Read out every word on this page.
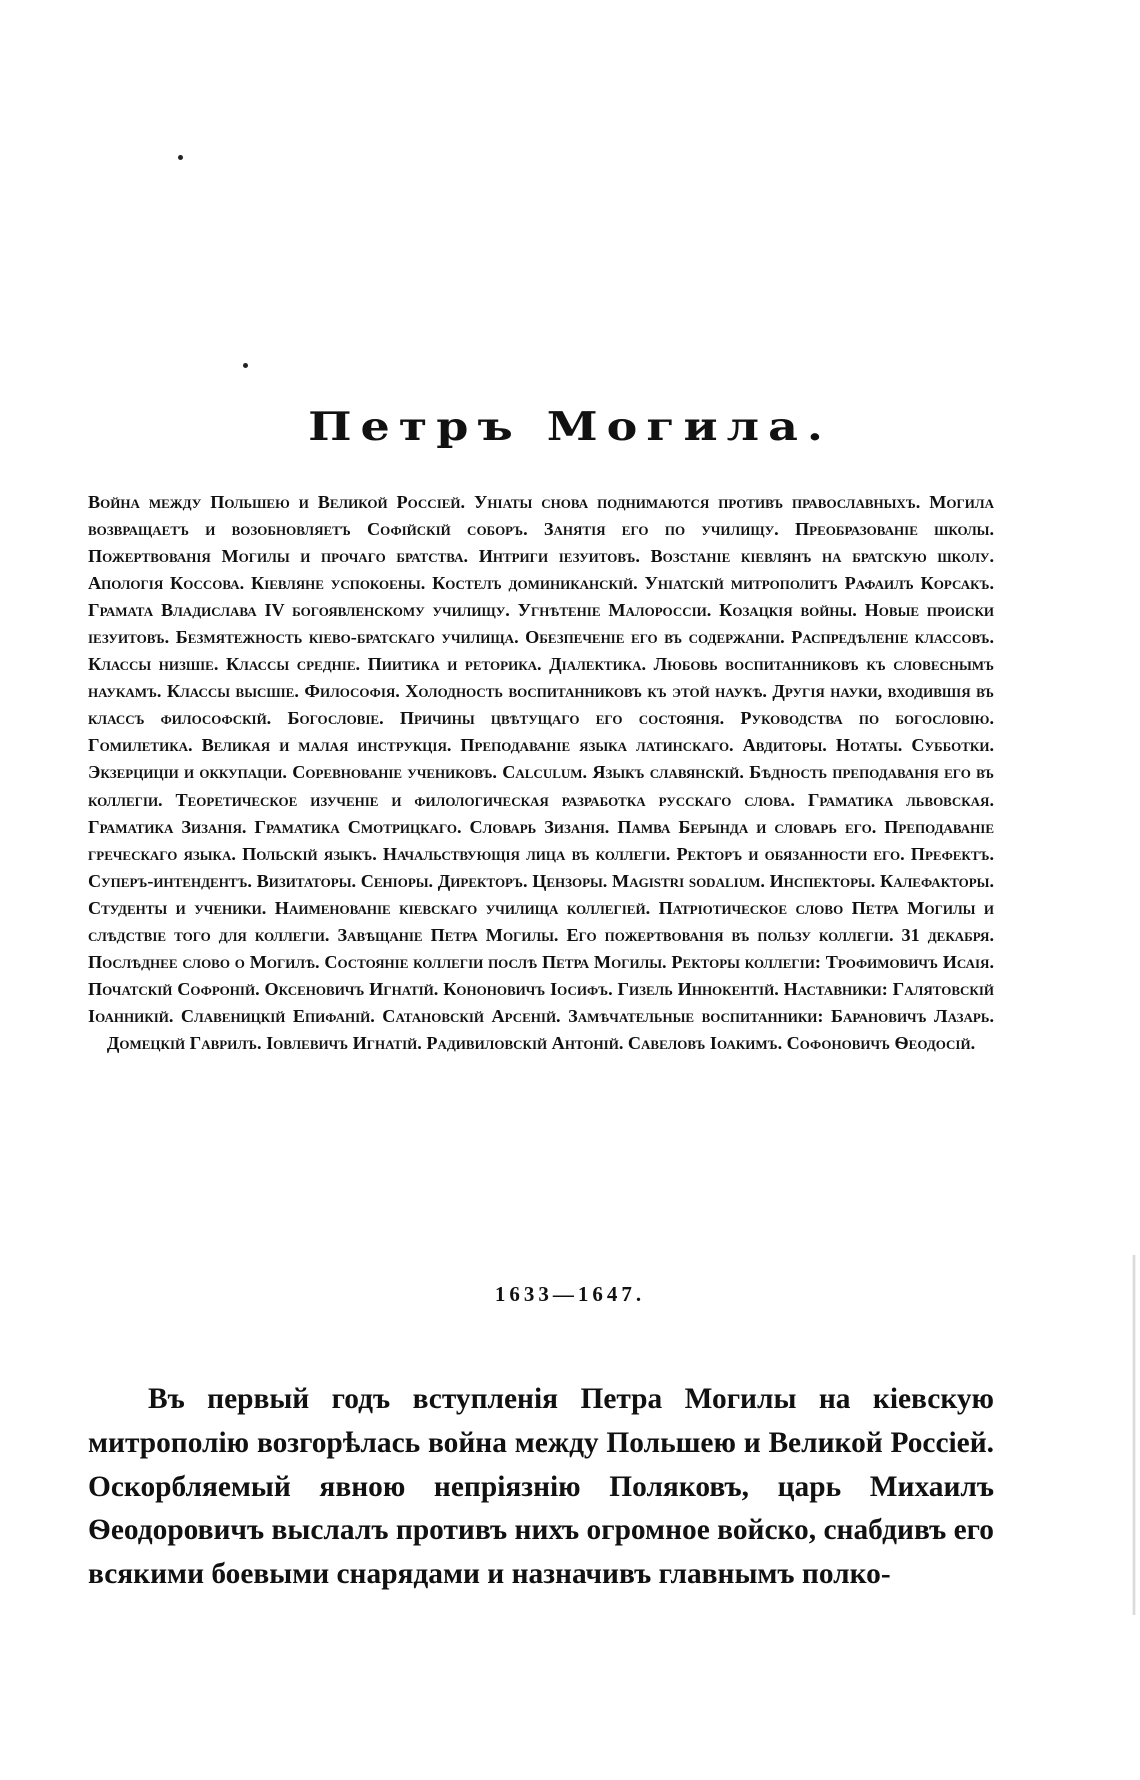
Петръ Могила.

Война между Польшею и Великой Россіей. Уніаты снова поднимаются противъ православныхъ. Могила возвращаетъ и возобновляетъ Софійскій соборъ. Занятія его по училищу. Преобразованіе школы. Пожертвованія Могилы и прочаго братства. Интриги іезуитовъ. Возстаніе кіевлянъ на братскую школу. Апологія Коссова. Кіевляне успокоены. Костелъ доминиканскій. Уніатскій митрополитъ Рафаилъ Корсакъ. Грамата Владислава IV богоявленскому училищу. Угнѣтеніе Малороссіи. Козацкія войны. Новые происки іезуитовъ. Безмятежность кіево-братскаго училища. Обезпеченіе его въ содержаніи. Распредѣленіе классовъ. Классы низшіе. Классы средніе. Пиитика и реторика. Діалектика. Любовь воспитанниковъ къ словеснымъ наукамъ. Классы высшіе. Философія. Холодность воспитанниковъ къ этой наукѣ. Другія науки, входившія въ классъ философскій. Богословіе. Причины цвѣтущаго его состоянія. Руководства по богословію. Гомилетика. Великая и малая инструкція. Преподаваніе языка латинскаго. Авдиторы. Нотаты. Субботки. Экзерциціи и оккупаціи. Соревнованіе учениковъ. Calculum. Языкъ славянскій. Бѣдность преподаванія его въ коллегіи. Теоретическое изученіе и филологическая разработка русскаго слова. Граматика львовская. Граматика Зизанія. Граматика Смотрицкаго. Словарь Зизанія. Памва Берында и словарь его. Преподаваніе греческаго языка. Польскій языкъ. Начальствующія лица въ коллегіи. Ректоръ и обязанности его. Префектъ. Суперъ-интендентъ. Визитаторы. Сеніоры. Директоръ. Цензоры. Magistri sodalium. Инспекторы. Калефакторы. Студенты и ученики. Наименованіе кіевскаго училища коллегіей. Патріотическое слово Петра Могилы и слѣдствіе того для коллегіи. Завѣщаніе Петра Могилы. Его пожертвованія въ пользу коллегіи. 31 декабря. Послѣднее слово о Могилѣ. Состояніе коллегіи послѣ Петра Могилы. Ректоры коллегіи: Трофимовичъ Исаія. Початскій Софроній. Оксеновичъ Игнатій. Кононовичъ Іосифъ. Гизель Иннокентій. Наставники: Галятовскій Іоанникій. Славеницкій Епифаній. Сатановскій Арсеній. Замѣчательные воспитанники: Барановичъ Лазарь. Домецкій Гаврилъ. Іовлевичъ Игнатій. Радивиловскій Антоній. Савеловъ Іоакимъ. Софоновичъ Ѳеодосій.

1633—1647.

Въ первый годъ вступленія Петра Могилы на кіевскую митрополію возгорѣлась война между Польшею и Великой Россіей. Оскорбляемый явною непріязнію Поляковъ, царь Михаилъ Ѳеодоровичъ выслалъ противъ нихъ огромное войско, снабдивъ его всякими боевыми снарядами и назначивъ главнымъ полко-
